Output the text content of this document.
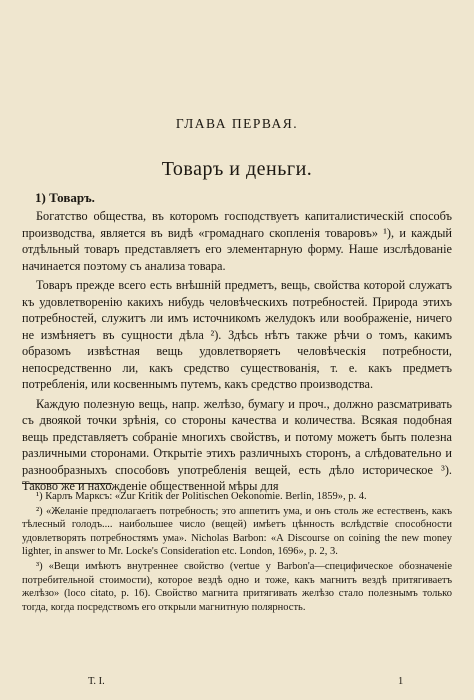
ГЛАВА ПЕРВАЯ.
Товаръ и деньги.
1) Товаръ.

Богатство общества, въ которомъ господствуетъ капиталистическiй способъ производства, является въ видѣ «громаднаго скопленiя товаровъ» ¹), и каждый отдѣльный товаръ представляетъ его элементарную форму. Наше изслѣдованiе начинается поэтому съ анализа товара.

Товаръ прежде всего есть внѣшнiй предметъ, вещь, свойства которой служатъ къ удовлетворенiю какихъ нибудь человѣческихъ потребностей. Природа этихъ потребностей, служитъ ли имъ источникомъ желудокъ или воображенiе, ничего не измѣняетъ въ сущности дѣла ²). Здѣсь нѣтъ также рѣчи о томъ, какимъ образомъ извѣстная вещь удовлетворяетъ человѣческiя потребности, непосредственно ли, какъ средство существованiя, т. е. какъ предметъ потребленiя, или косвеннымъ путемъ, какъ средство производства.

Каждую полезную вещь, напр. желѣзо, бумагу и проч., должно разсматривать съ двоякой точки зрѣнiя, со стороны качества и количества. Всякая подобная вещь представляетъ собранiе многихъ свойствъ, и потому можетъ быть полезна различными сторонами. Открытiе этихъ различныхъ сторонъ, а слѣдовательно и разнообразныхъ способовъ употребленiя вещей, есть дѣло историческое ³). Таково же и нахожденiе общественной мѣры для

¹) Карлъ Марксъ: «Zur Kritik der Politischen Oekonomie. Berlin, 1859», p. 4.

²) «Желанiе предполагаетъ потребность; это аппетитъ ума, и онъ столь же естественъ, какъ тѣлесный голодъ.... наибольшее число (вещей) имѣетъ цѣнность вслѣдствiе способности удовлетворять потребностямъ ума». Nicholas Barbon: «A Discourse on coining the new money lighter, in answer to Mr. Locke's Consideration etc. London, 1696», p. 2, 3.

³) «Вещи имѣютъ внутреннее свойство (vertue у Barbon'а—специфическое обозначенiе потребительной стоимости), которое вездѣ одно и тоже, какъ магнитъ вездѣ притягиваетъ желѣзо» (loco citato, p. 16). Свойство магнита притягивать желѣзо стало полезнымъ только тогда, когда посредствомъ его открыли магнитную полярность.

Т. I.	1
